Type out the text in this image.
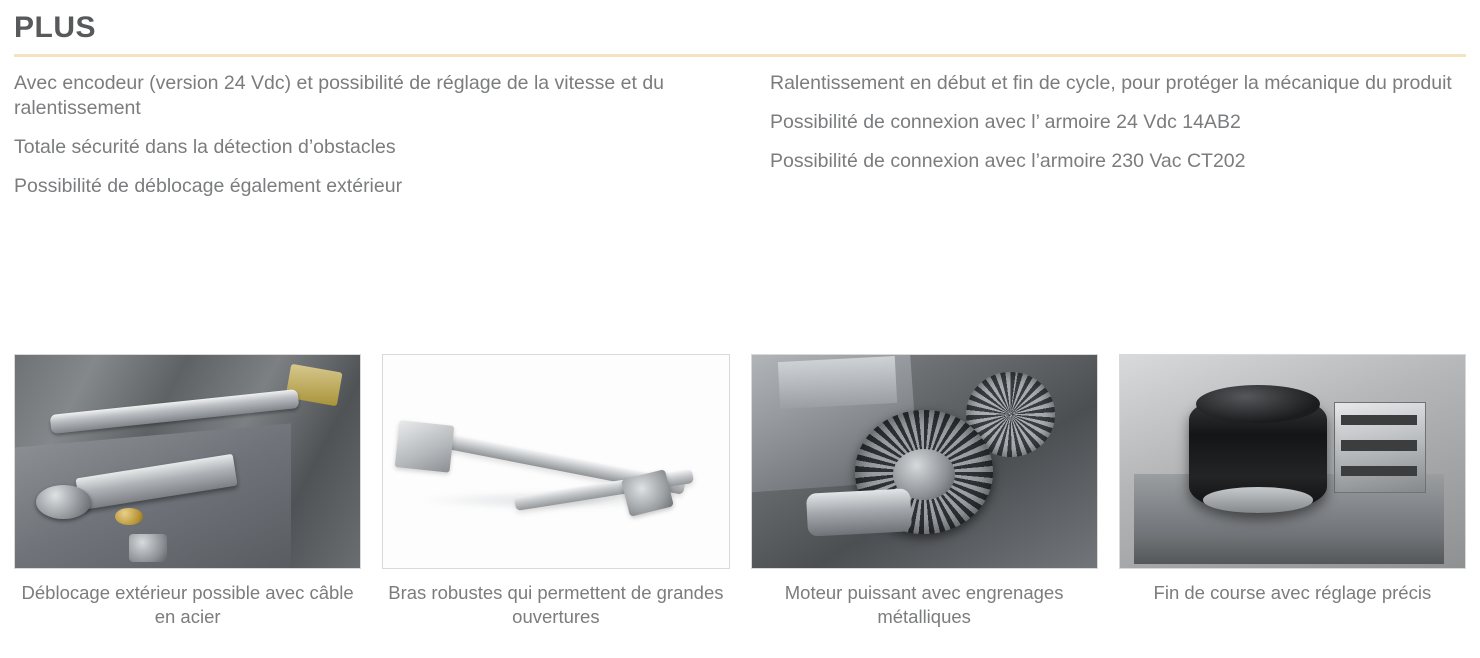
PLUS
Avec encodeur (version 24 Vdc) et possibilité de réglage de la vitesse et du ralentissement
Totale sécurité dans la détection d’obstacles
Possibilité de déblocage également extérieur
Ralentissement en début et fin de cycle, pour protéger la mécanique du produit
Possibilité de connexion avec l’ armoire 24 Vdc 14AB2
Possibilité de connexion avec l’armoire 230 Vac CT202
Déblocage extérieur possible avec câble en acier
Bras robustes qui permettent de grandes ouvertures
Moteur puissant avec engrenages métalliques
Fin de course avec réglage précis
